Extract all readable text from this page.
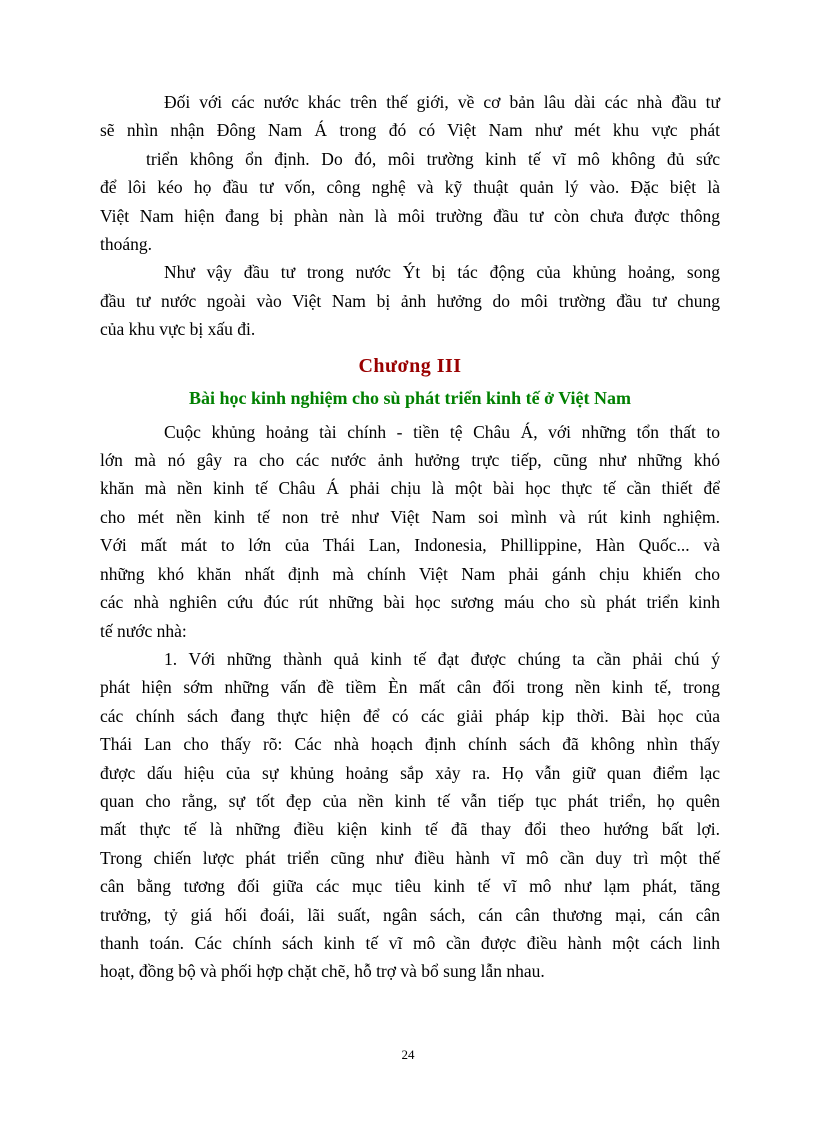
Đối với các nước khác trên thế giới, về cơ bản lâu dài các nhà đầu tư
sẽ nhìn nhận Đông Nam Á trong đó có Việt Nam như mét khu vực phát
triển không ổn định. Do đó, môi trường kinh tế vĩ mô không đủ sức
để lôi kéo họ đầu tư vốn, công nghệ và kỹ thuật quản lý vào. Đặc biệt là
Việt Nam hiện đang bị phàn nàn là môi trường đầu tư còn chưa được thông
thoáng.
Như vậy đầu tư trong nước Ýt bị tác động của khủng hoảng, song
đầu tư nước ngoài vào Việt Nam bị ảnh hưởng do môi trường đầu tư chung
của khu vực bị xấu đi.
Chương III
Bài học kinh nghiệm cho sù phát triển kinh tế ở Việt Nam
Cuộc khủng hoảng tài chính - tiền tệ Châu Á, với những tổn thất to
lớn mà nó gây ra cho các nước ảnh hưởng trực tiếp, cũng như những khó
khăn mà nền kinh tế Châu Á phải chịu là một bài học thực tế cần thiết để
cho mét nền kinh tế non trẻ như Việt Nam soi mình và rút kinh nghiệm.
Với mất mát to lớn của Thái Lan, Indonesia, Phillippine, Hàn Quốc... và
những khó khăn nhất định mà chính Việt Nam phải gánh chịu khiến cho
các nhà nghiên cứu đúc rút những bài học sương máu cho sù phát triển kinh
tế nước nhà:
1. Với những thành quả kinh tế đạt được chúng ta cần phải chú ý
phát hiện sớm những vấn đề tiềm Èn mất cân đối trong nền kinh tế, trong
các chính sách đang thực hiện để có các giải pháp kịp thời. Bài học của
Thái Lan cho thấy rõ: Các nhà hoạch định chính sách đã không nhìn thấy
được dấu hiệu của sự khủng hoảng sắp xảy ra. Họ vẫn giữ quan điểm lạc
quan cho rằng, sự tốt đẹp của nền kinh tế vẫn tiếp tục phát triển, họ quên
mất thực tế là những điều kiện kinh tế đã thay đổi theo hướng bất lợi.
Trong chiến lược phát triển cũng như điều hành vĩ mô cần duy trì một thế
cân bằng tương đối giữa các mục tiêu kinh tế vĩ mô như lạm phát, tăng
trưởng, tỷ giá hối đoái, lãi suất, ngân sách, cán cân thương mại, cán cân
thanh toán. Các chính sách kinh tế vĩ mô cần được điều hành một cách linh
hoạt, đồng bộ và phối hợp chặt chẽ, hỗ trợ và bổ sung lẫn nhau.
24
